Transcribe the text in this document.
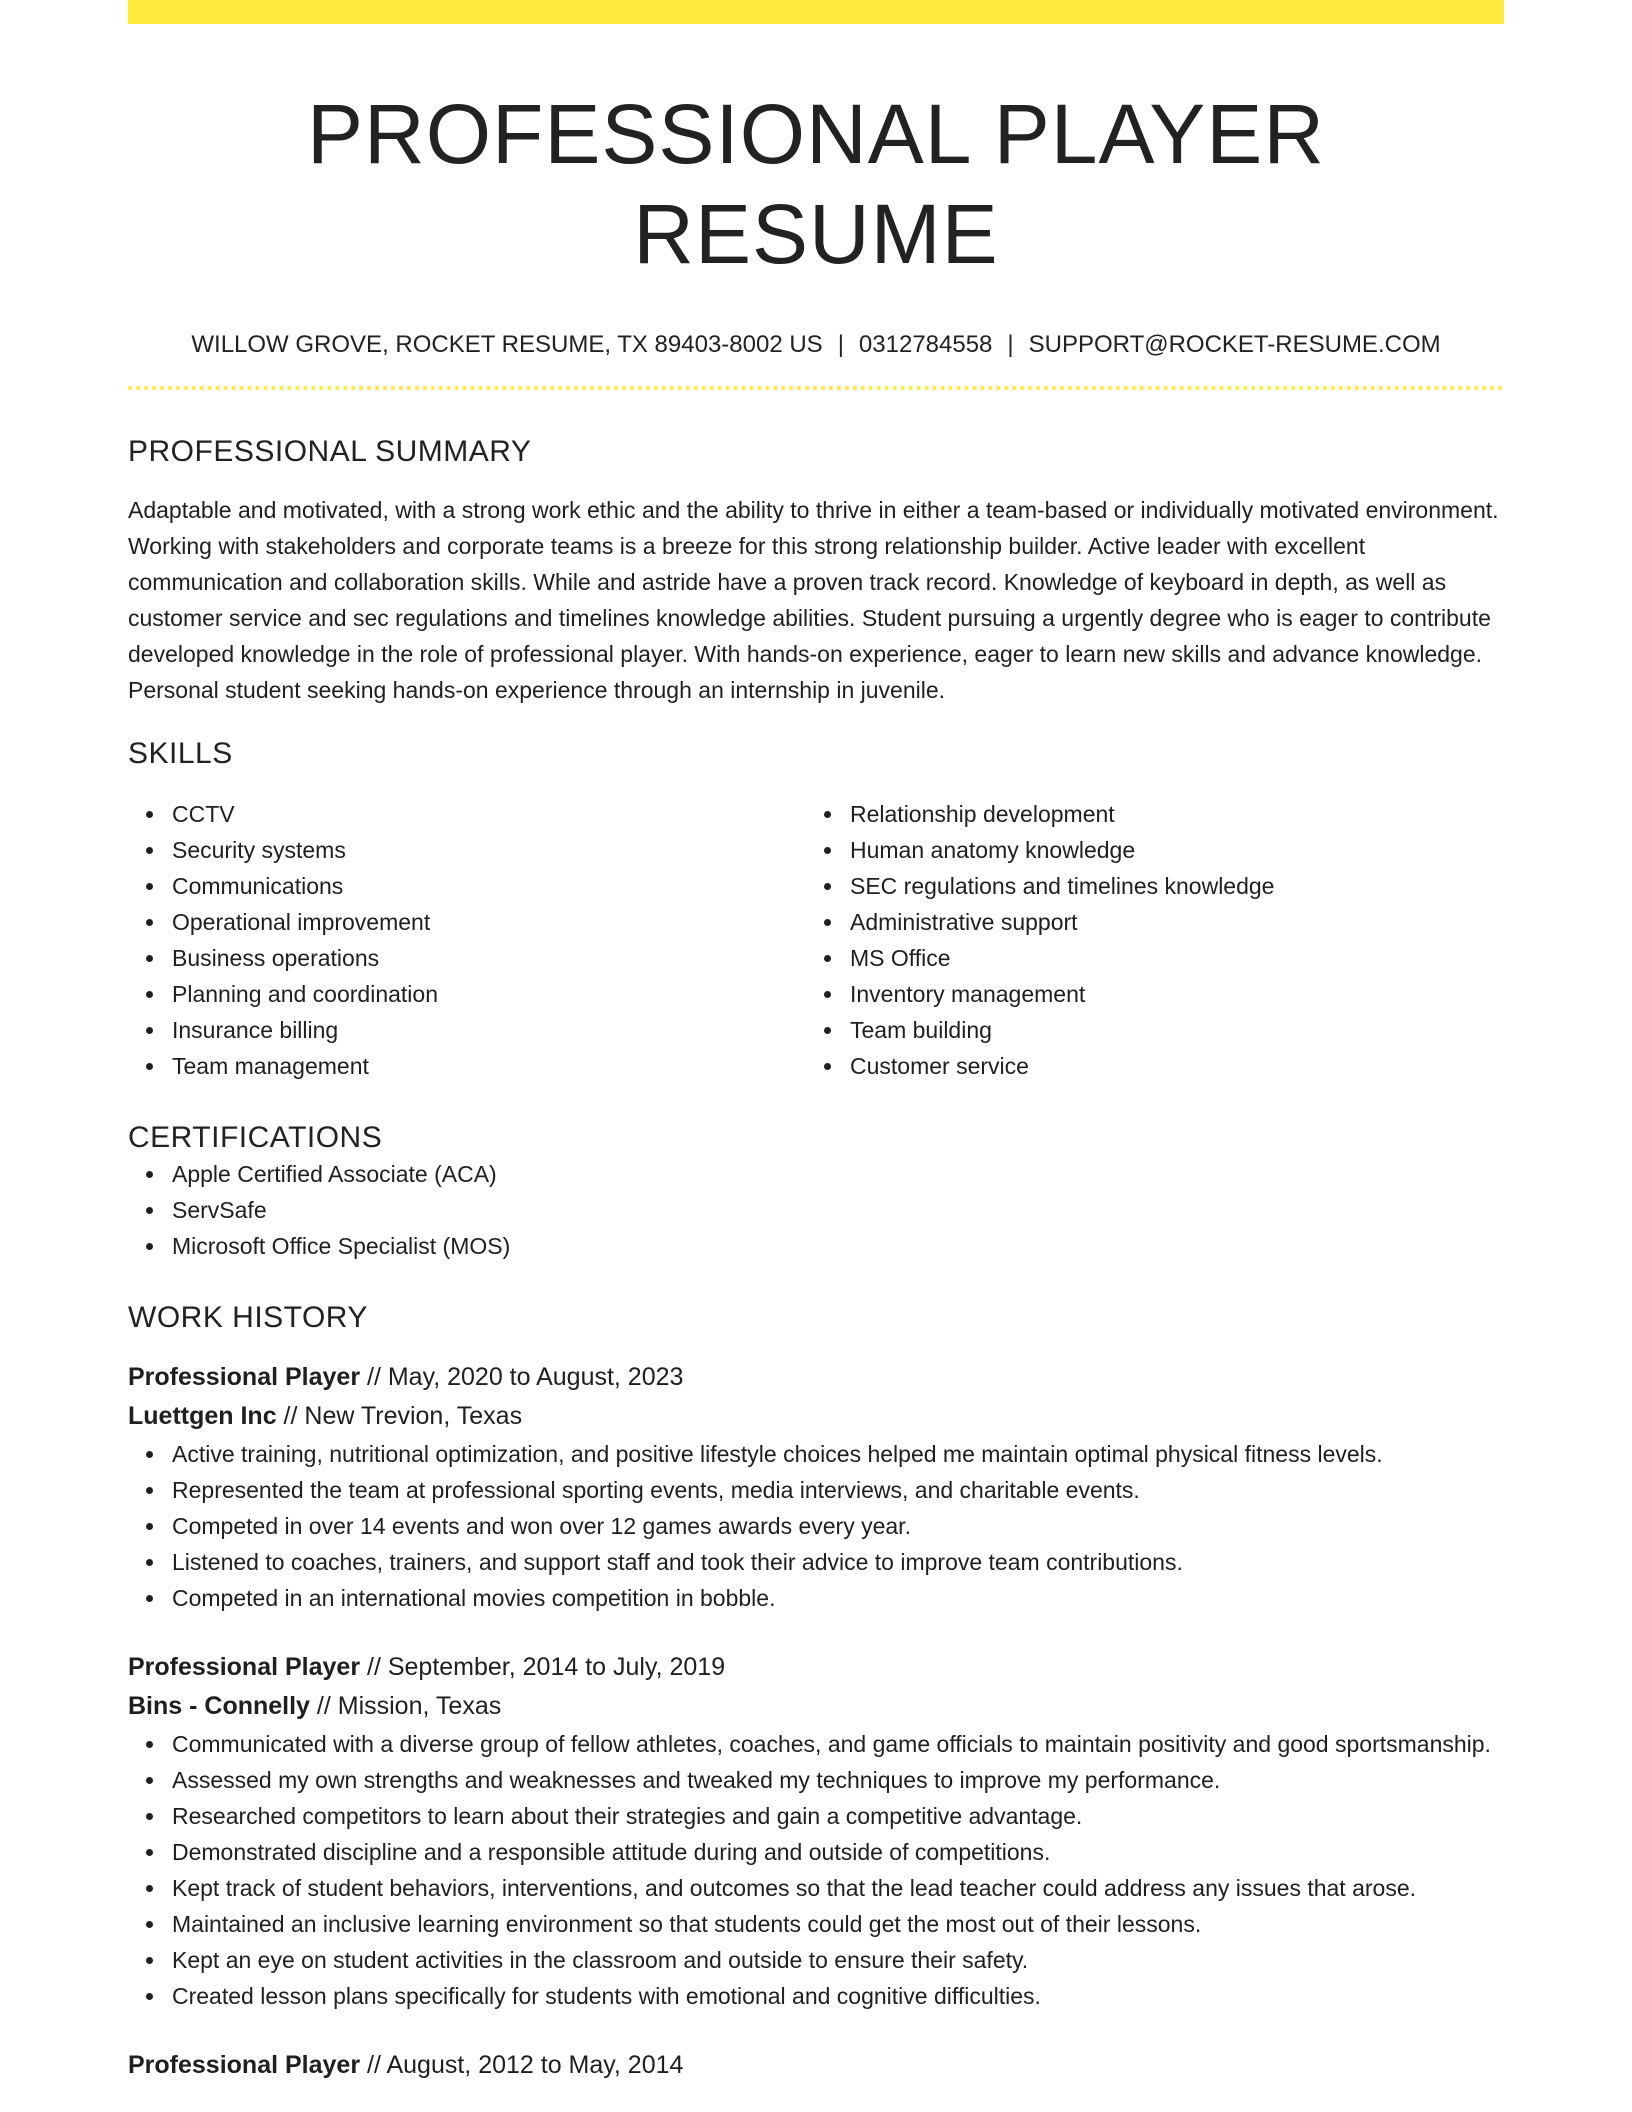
PROFESSIONAL PLAYER RESUME
WILLOW GROVE, ROCKET RESUME, TX 89403-8002 US | 0312784558 | SUPPORT@ROCKET-RESUME.COM
PROFESSIONAL SUMMARY

Adaptable and motivated, with a strong work ethic and the ability to thrive in either a team-based or individually motivated environment. Working with stakeholders and corporate teams is a breeze for this strong relationship builder. Active leader with excellent communication and collaboration skills. While and astride have a proven track record. Knowledge of keyboard in depth, as well as customer service and sec regulations and timelines knowledge abilities. Student pursuing a urgently degree who is eager to contribute developed knowledge in the role of professional player. With hands-on experience, eager to learn new skills and advance knowledge. Personal student seeking hands-on experience through an internship in juvenile.

SKILLS
CCTV
Security systems
Communications
Operational improvement
Business operations
Planning and coordination
Insurance billing
Team management
Relationship development
Human anatomy knowledge
SEC regulations and timelines knowledge
Administrative support
MS Office
Inventory management
Team building
Customer service
CERTIFICATIONS
Apple Certified Associate (ACA)
ServSafe
Microsoft Office Specialist (MOS)
WORK HISTORY
Professional Player // May, 2020 to August, 2023
Luettgen Inc // New Trevion, Texas
Active training, nutritional optimization, and positive lifestyle choices helped me maintain optimal physical fitness levels.
Represented the team at professional sporting events, media interviews, and charitable events.
Competed in over 14 events and won over 12 games awards every year.
Listened to coaches, trainers, and support staff and took their advice to improve team contributions.
Competed in an international movies competition in bobble.
Professional Player // September, 2014 to July, 2019
Bins - Connelly // Mission, Texas
Communicated with a diverse group of fellow athletes, coaches, and game officials to maintain positivity and good sportsmanship.
Assessed my own strengths and weaknesses and tweaked my techniques to improve my performance.
Researched competitors to learn about their strategies and gain a competitive advantage.
Demonstrated discipline and a responsible attitude during and outside of competitions.
Kept track of student behaviors, interventions, and outcomes so that the lead teacher could address any issues that arose.
Maintained an inclusive learning environment so that students could get the most out of their lessons.
Kept an eye on student activities in the classroom and outside to ensure their safety.
Created lesson plans specifically for students with emotional and cognitive difficulties.
Professional Player // August, 2012 to May, 2014
